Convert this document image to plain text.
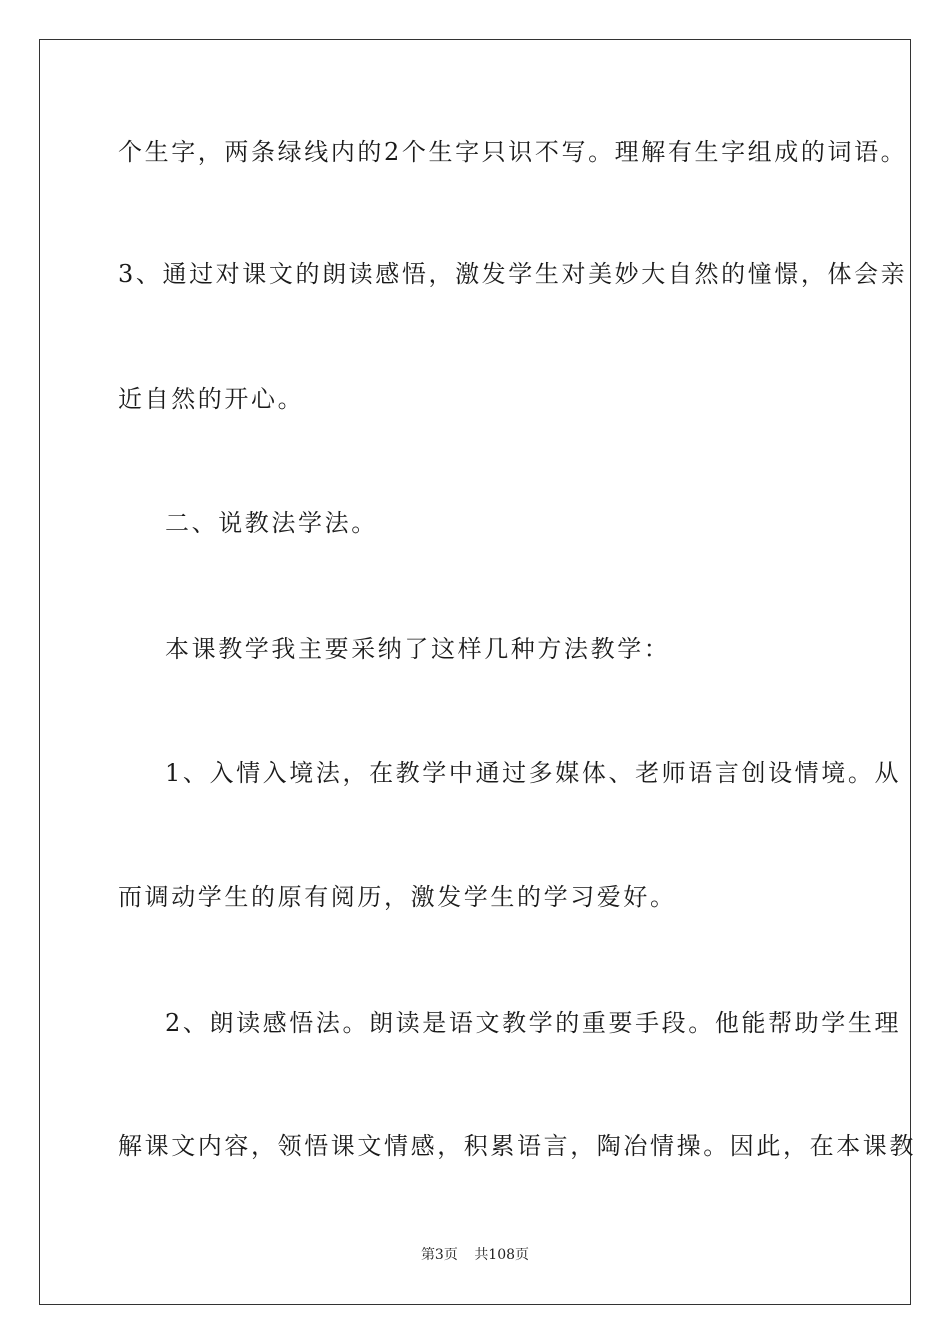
个生字，两条绿线内的2个生字只识不写。理解有生字组成的词语。
3、通过对课文的朗读感悟，激发学生对美妙大自然的憧憬，体会亲
近自然的开心。
二、说教法学法。
本课教学我主要采纳了这样几种方法教学：
1、入情入境法，在教学中通过多媒体、老师语言创设情境。从
而调动学生的原有阅历，激发学生的学习爱好。
2、朗读感悟法。朗读是语文教学的重要手段。他能帮助学生理
解课文内容，领悟课文情感，积累语言，陶冶情操。因此，在本课教
第3页 共108页
